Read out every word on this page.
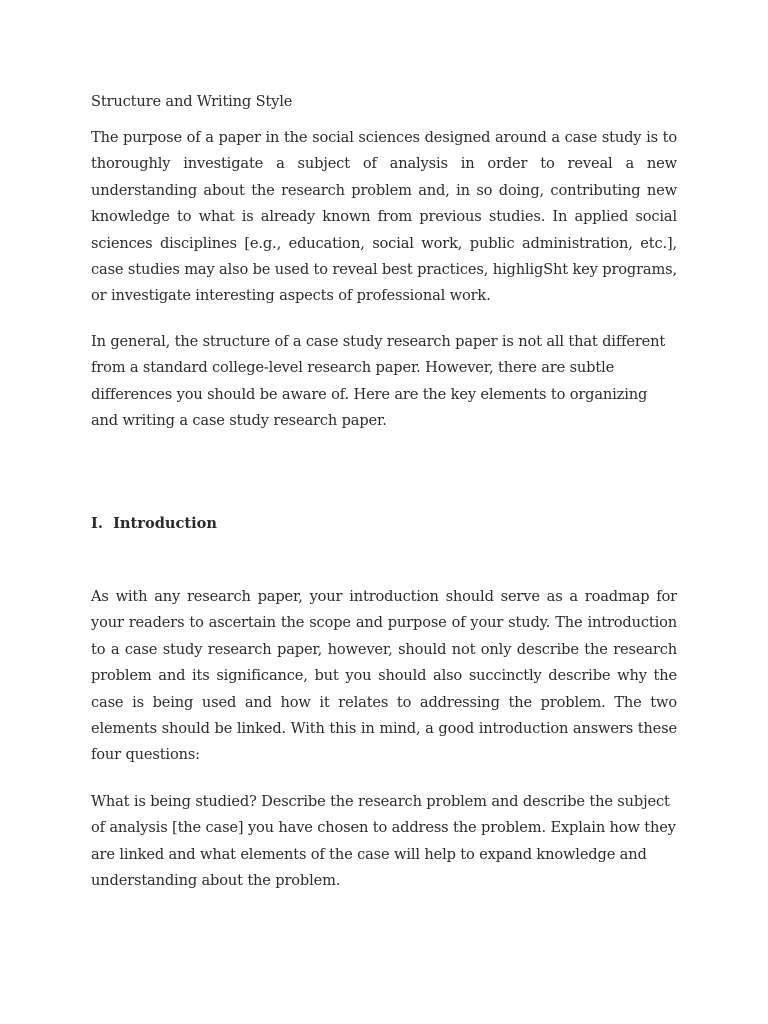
Structure and Writing Style

The purpose of a paper in the social sciences designed around a case study is to thoroughly investigate a subject of analysis in order to reveal a new understanding about the research problem and, in so doing, contributing new knowledge to what is already known from previous studies. In applied social sciences disciplines [e.g., education, social work, public administration, etc.], case studies may also be used to reveal best practices, highligSht key programs, or investigate interesting aspects of professional work.

In general, the structure of a case study research paper is not all that different from a standard college-level research paper. However, there are subtle differences you should be aware of. Here are the key elements to organizing and writing a case study research paper.

I. Introduction

As with any research paper, your introduction should serve as a roadmap for your readers to ascertain the scope and purpose of your study. The introduction to a case study research paper, however, should not only describe the research problem and its significance, but you should also succinctly describe why the case is being used and how it relates to addressing the problem. The two elements should be linked. With this in mind, a good introduction answers these four questions:

What is being studied? Describe the research problem and describe the subject of analysis [the case] you have chosen to address the problem. Explain how they are linked and what elements of the case will help to expand knowledge and understanding about the problem.
